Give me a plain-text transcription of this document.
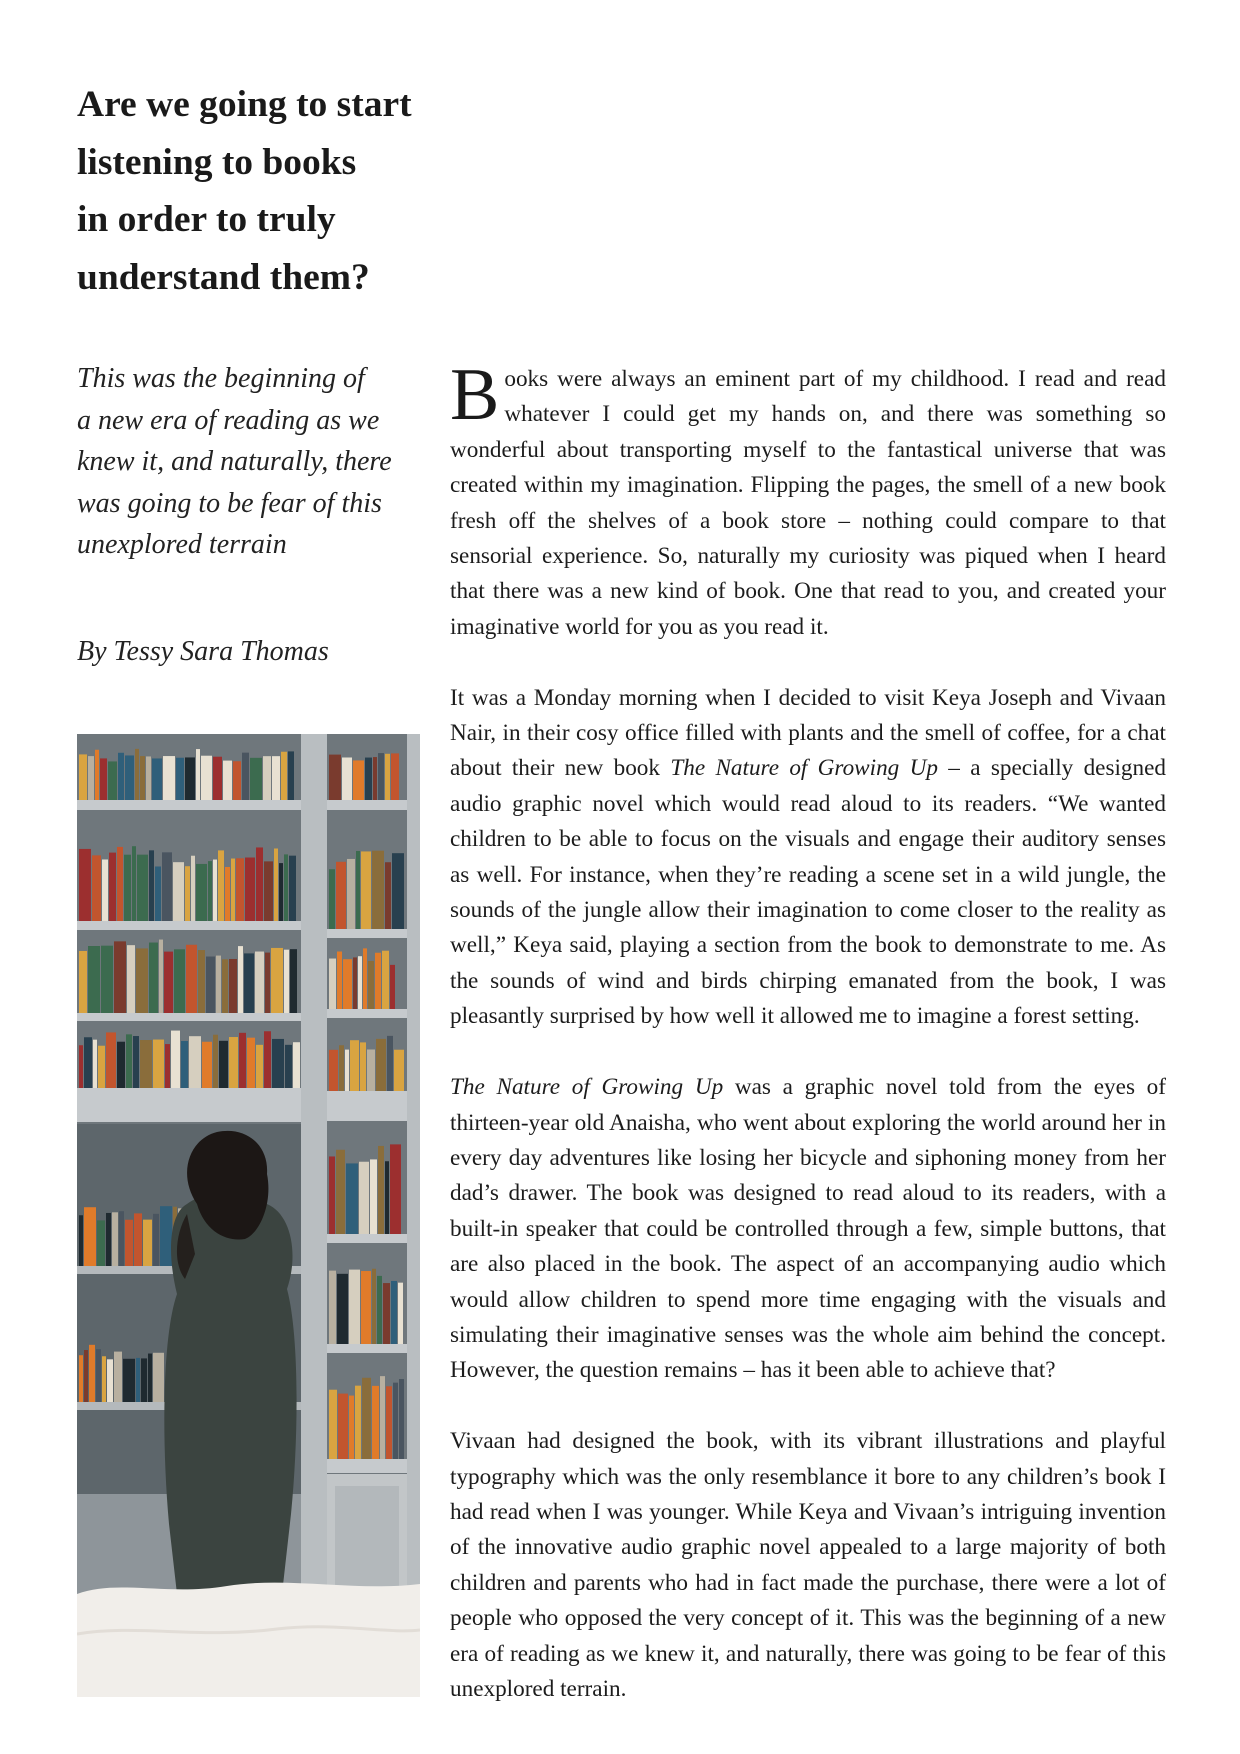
Are we going to start
listening to books
in order to truly
understand them?
This was the beginning of
a new era of reading as we
knew it, and naturally, there
was going to be fear of this
unexplored terrain
By Tessy Sara Thomas

Books were always an eminent part of my childhood. I read and read whatever I could get my hands on, and there was something so wonderful about transporting myself to the fantastical universe that was created within my imagination. Flipping the pages, the smell of a new book fresh off the shelves of a book store – nothing could compare to that sensorial experience. So, naturally my curiosity was piqued when I heard that there was a new kind of book. One that read to you, and created your imaginative world for you as you read it.

It was a Monday morning when I decided to visit Keya Joseph and Vivaan Nair, in their cosy office filled with plants and the smell of coffee, for a chat about their new book The Nature of Growing Up – a specially designed audio graphic novel which would read aloud to its readers. “We wanted children to be able to focus on the visuals and engage their auditory senses as well. For instance, when they’re reading a scene set in a wild jungle, the sounds of the jungle allow their imagination to come closer to the reality as well,” Keya said, playing a section from the book to demonstrate to me. As the sounds of wind and birds chirping emanated from the book, I was pleasantly surprised by how well it allowed me to imagine a forest setting.

The Nature of Growing Up was a graphic novel told from the eyes of thirteen-year old Anaisha, who went about exploring the world around her in every day adventures like losing her bicycle and siphoning money from her dad’s drawer. The book was designed to read aloud to its readers, with a built-in speaker that could be controlled through a few, simple buttons, that are also placed in the book. The aspect of an accompanying audio which would allow children to spend more time engaging with the visuals and simulating their imaginative senses was the whole aim behind the concept. However, the question remains – has it been able to achieve that?

Vivaan had designed the book, with its vibrant illustrations and playful typography which was the only resemblance it bore to any children’s book I had read when I was younger. While Keya and Vivaan’s intriguing invention of the innovative audio graphic novel appealed to a large majority of both children and parents who had in fact made the purchase, there were a lot of people who opposed the very concept of it. This was the beginning of a new era of reading as we knew it, and naturally, there was going to be fear of this unexplored terrain.
